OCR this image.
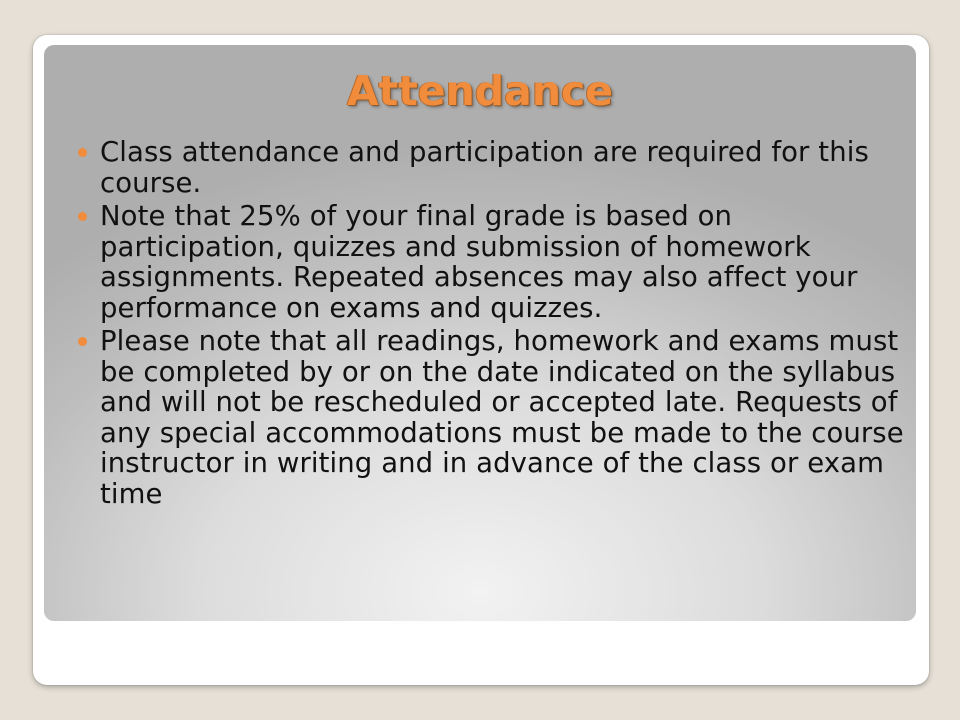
Attendance
Class attendance and participation are required for this course.
Note that 25% of your final grade is based on participation, quizzes and submission of homework assignments. Repeated absences may also affect your performance on exams and quizzes.
Please note that all readings, homework and exams must be completed by or on the date indicated on the syllabus and will not be rescheduled or accepted late. Requests of any special accommodations must be made to the course instructor in writing and in advance of the class or exam time
